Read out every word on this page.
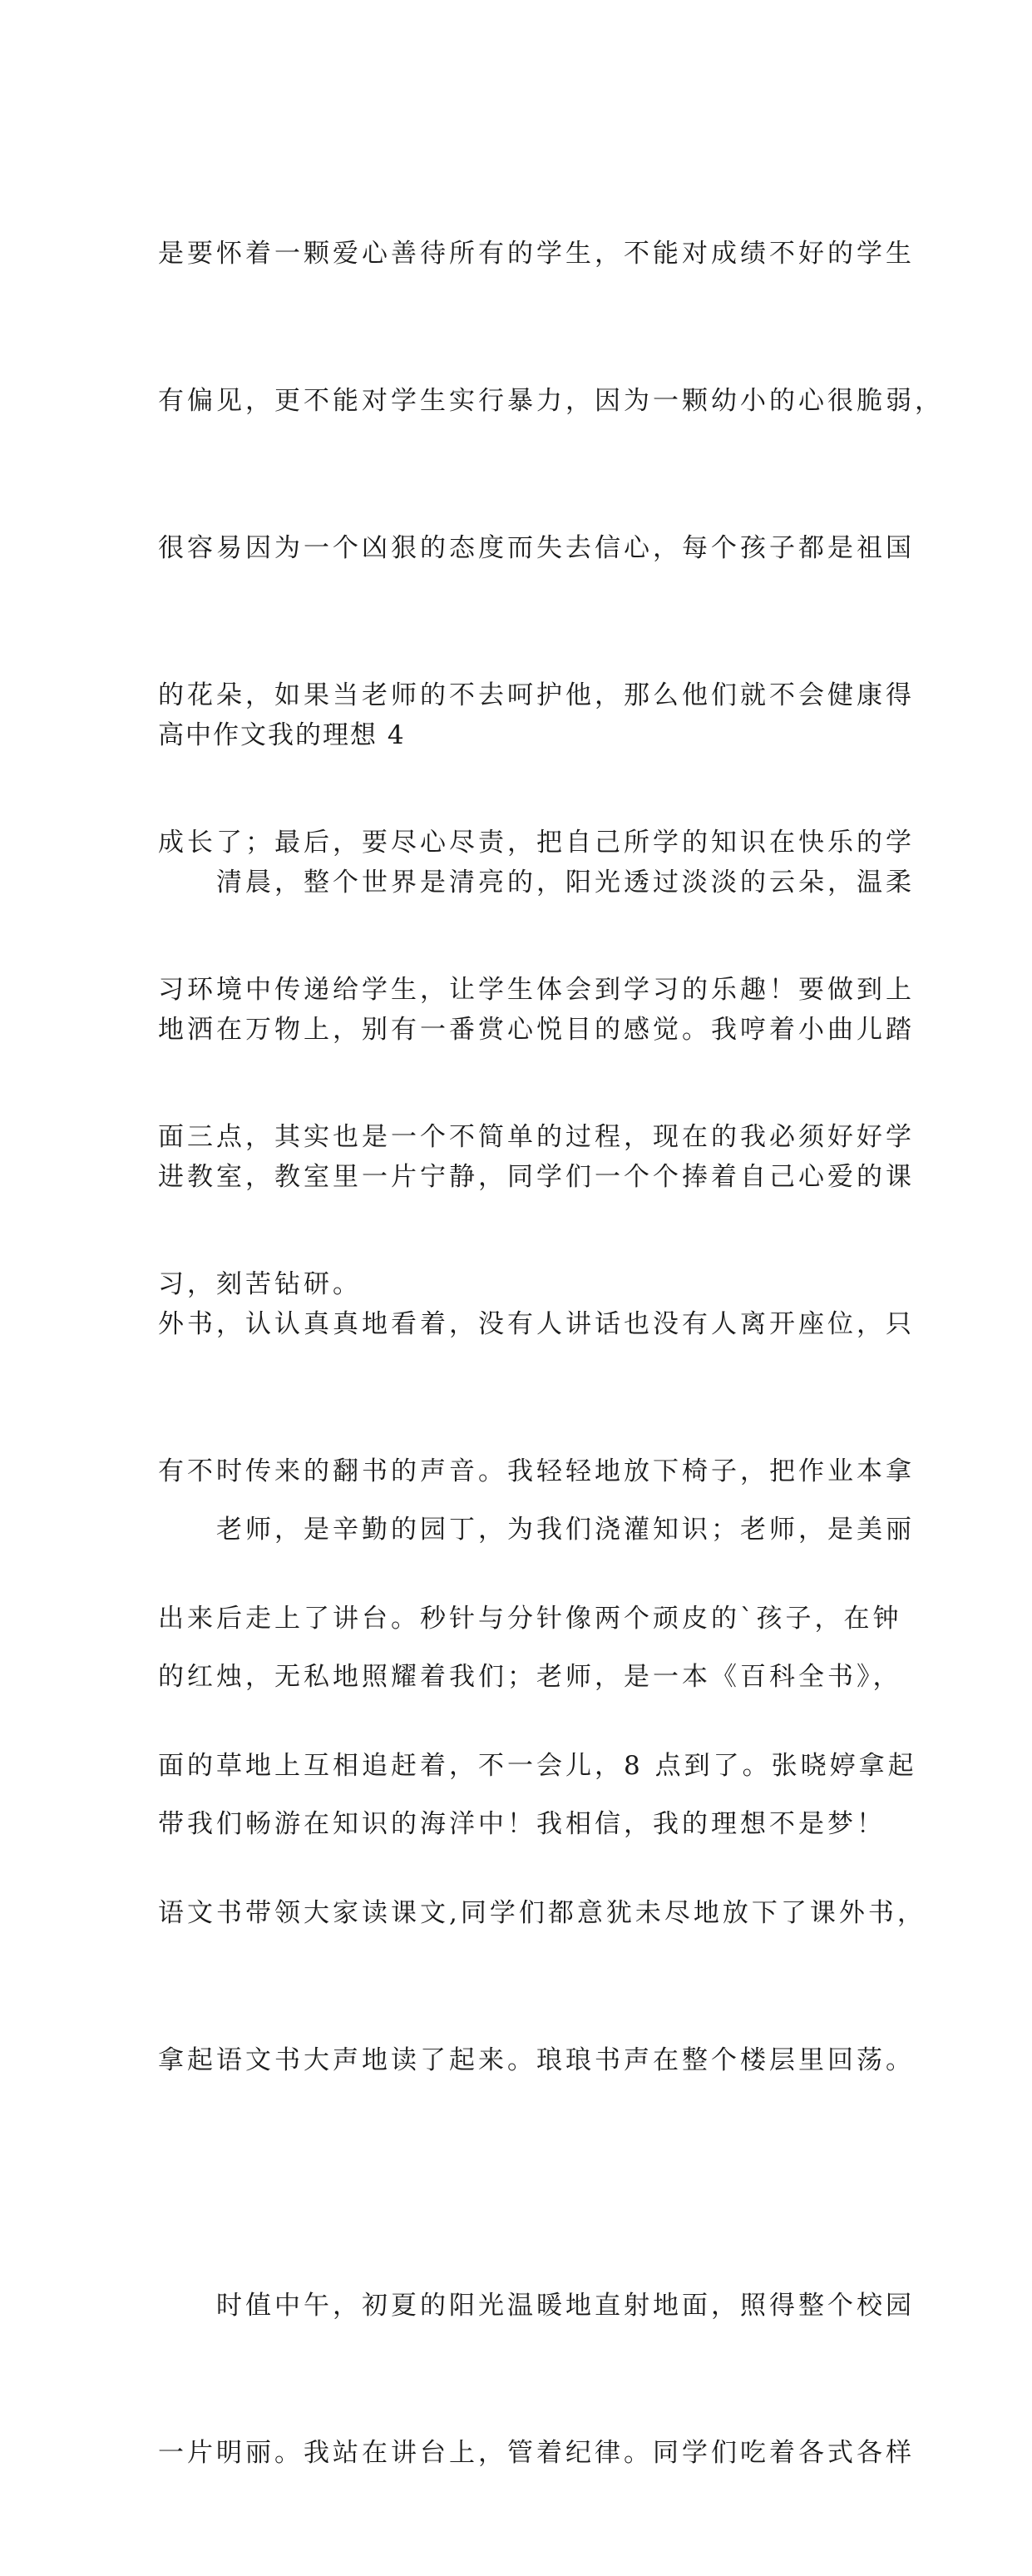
是要怀着一颗爱心善待所有的学生，不能对成绩不好的学生

有偏见，更不能对学生实行暴力，因为一颗幼小的心很脆弱，

很容易因为一个凶狠的态度而失去信心，每个孩子都是祖国

的花朵，如果当老师的不去呵护他，那么他们就不会健康得

成长了；最后，要尽心尽责，把自己所学的知识在快乐的学

习环境中传递给学生，让学生体会到学习的乐趣！要做到上

面三点，其实也是一个不简单的过程，现在的我必须好好学

习，刻苦钻研。

　　老师，是辛勤的园丁，为我们浇灌知识；老师，是美丽

的红烛，无私地照耀着我们；老师，是一本《百科全书》，

带我们畅游在知识的海洋中！我相信，我的理想不是梦！

高中作文我的理想 4

　　清晨，整个世界是清亮的，阳光透过淡淡的云朵，温柔

地洒在万物上，别有一番赏心悦目的感觉。我哼着小曲儿踏

进教室，教室里一片宁静，同学们一个个捧着自己心爱的课

外书，认认真真地看着，没有人讲话也没有人离开座位，只

有不时传来的翻书的声音。我轻轻地放下椅子，把作业本拿

出来后走上了讲台。秒针与分针像两个顽皮的`孩子，在钟

面的草地上互相追赶着，不一会儿，8 点到了。张晓婷拿起

语文书带领大家读课文,同学们都意犹未尽地放下了课外书，

拿起语文书大声地读了起来。琅琅书声在整个楼层里回荡。

　　时值中午，初夏的阳光温暖地直射地面，照得整个校园

一片明丽。我站在讲台上，管着纪律。同学们吃着各式各样
